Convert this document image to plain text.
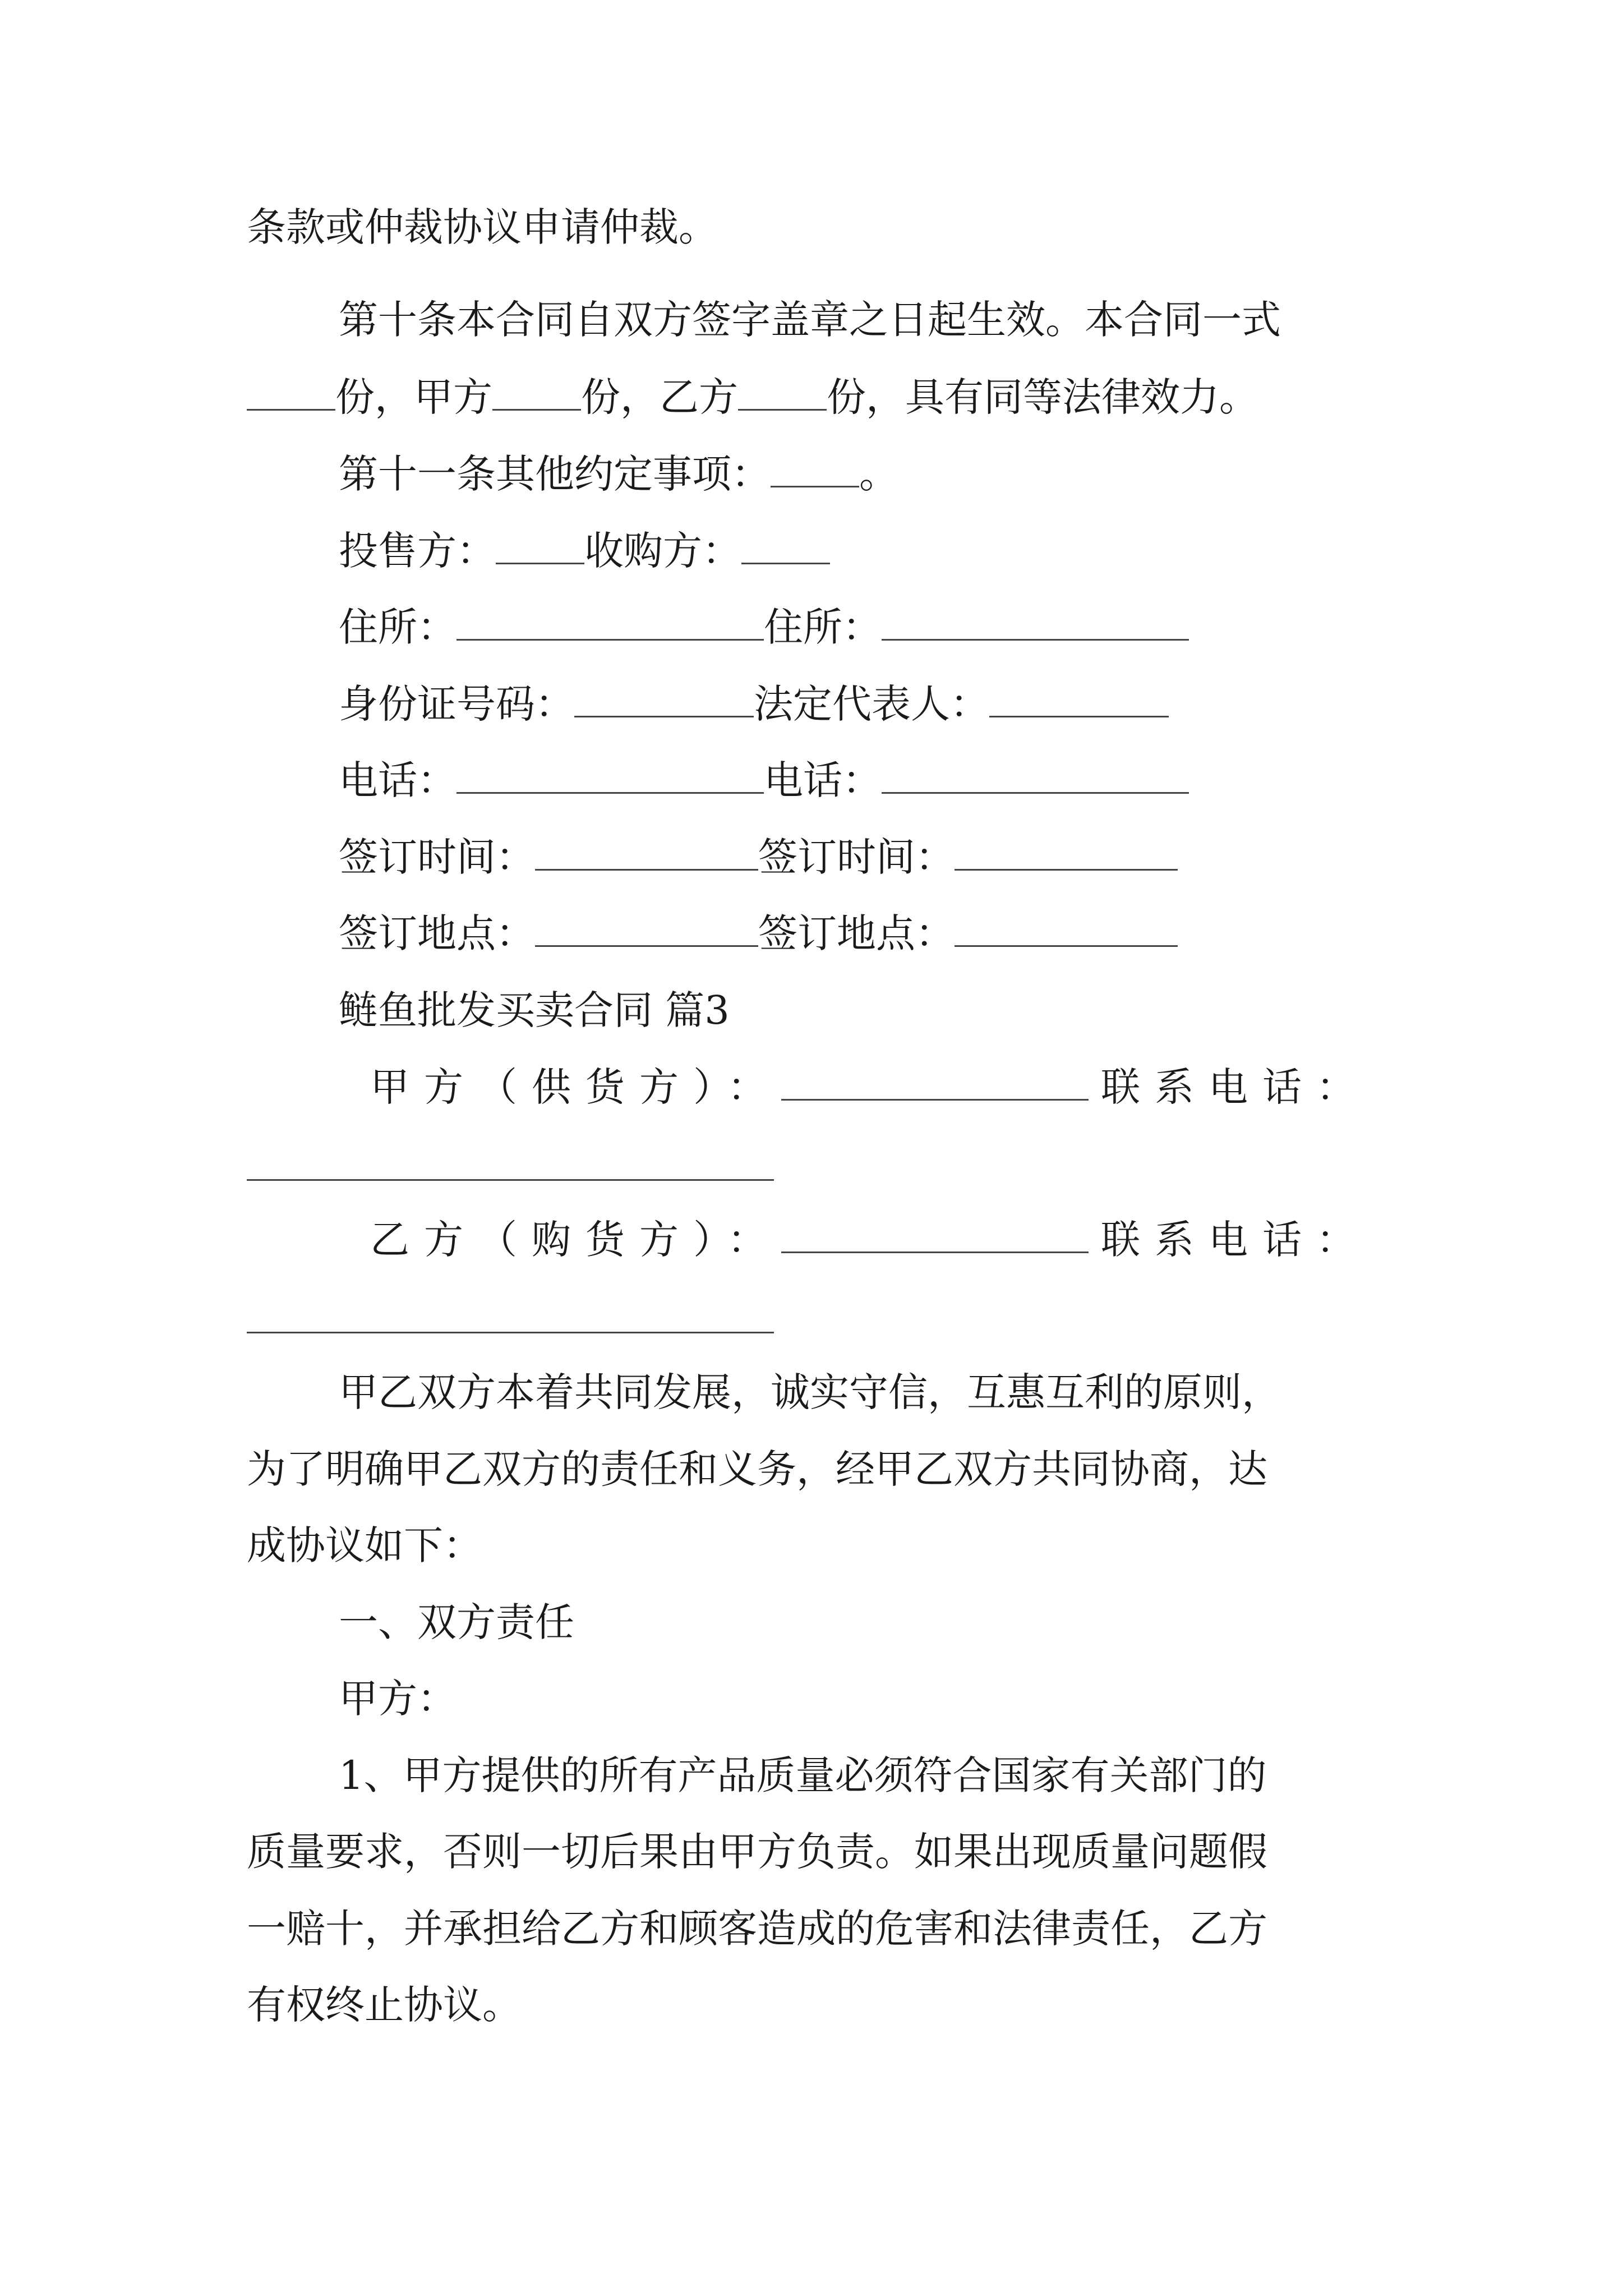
条款或仲裁协议申请仲裁。
第十条本合同自双方签字盖章之日起生效。本合同一式
份，甲方 份，乙方 份，具有同等法律效力。
第十一条其他约定事项： 。
投售方： 收购方：
住所：	住所：
身份证号码：	法定代表人：
电话：	电话：
签订时间：	签订时间：
签订地点：	签订地点：
鲢鱼批发买卖合同 篇3
甲方（供货方）：	联系电话：
乙方（购货方）：	联系电话：
甲乙双方本着共同发展，诚实守信，互惠互利的原则，
为了明确甲乙双方的责任和义务，经甲乙双方共同协商，达
成协议如下：
一、双方责任
甲方：
1、甲方提供的所有产品质量必须符合国家有关部门的
质量要求，否则一切后果由甲方负责。如果出现质量问题假
一赔十，并承担给乙方和顾客造成的危害和法律责任，乙方
有权终止协议。
